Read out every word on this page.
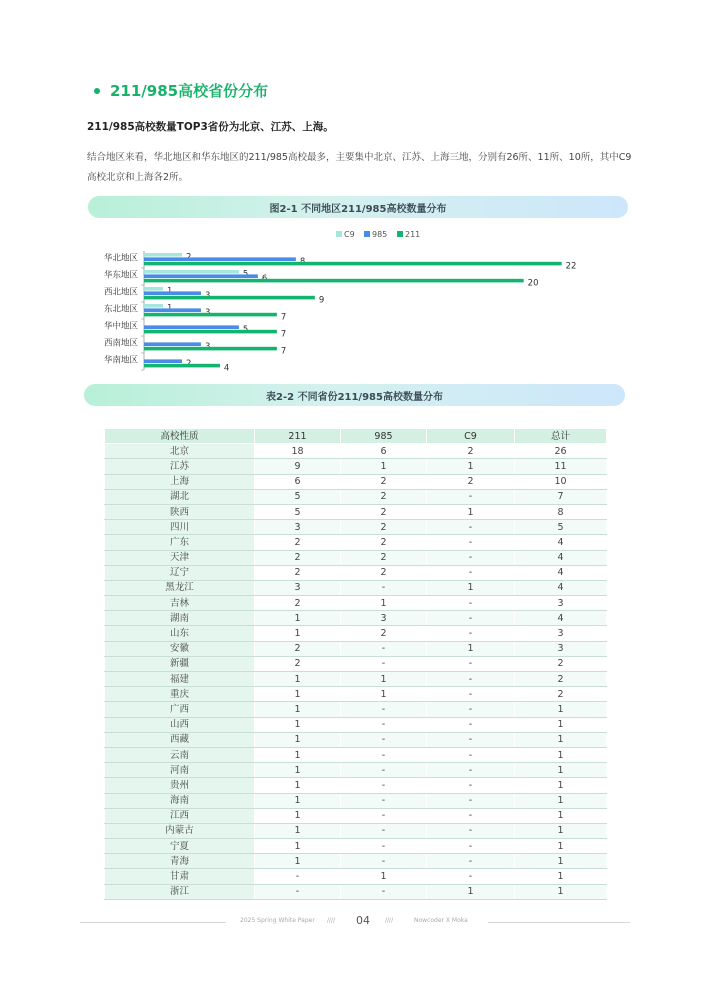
211/985高校省份分布
211/985高校数量TOP3省份为北京、江苏、上海。
结合地区来看，华北地区和华东地区的211/985高校最多，主要集中北京、江苏、上海三地，分别有26所、11所、10所，其中C9高校北京和上海各2所。
图2-1 不同地区211/985高校数量分布
C9 985 211
华北地区
22
华东地区
20
西北地区
9
东北地区
7
华中地区
7
西南地区
7
华南地区
4
表2-2 不同省份211/985高校数量分布
高校性质	211	985	C9	总计
北京	18	6	2	26
江苏	9	1	1	11
上海	6	2	2	10
湖北	5	2	-	7
陕西	5	2	1	8
四川	3	2	-	5
广东	2	2	-	4
天津	2	2	-	4
辽宁	2	2	-	4
黑龙江	3	-	1	4
吉林	2	1	-	3
湖南	1	3	-	4
山东	1	2	-	3
安徽	2	-	1	3
新疆	2	-	-	2
福建	1	1	-	2
重庆	1	1	-	2
广西	1	-	-	1
山西	1	-	-	1
西藏	1	-	-	1
云南	1	-	-	1
河南	1	-	-	1
贵州	1	-	-	1
海南	1	-	-	1
江西	1	-	-	1
内蒙古	1	-	-	1
宁夏	1	-	-	1
青海	1	-	-	1
甘肃	-	1	-	1
浙江	-	-	1	1
2025 Spring White Paper //// 04	////	Nowcoder X Moka
